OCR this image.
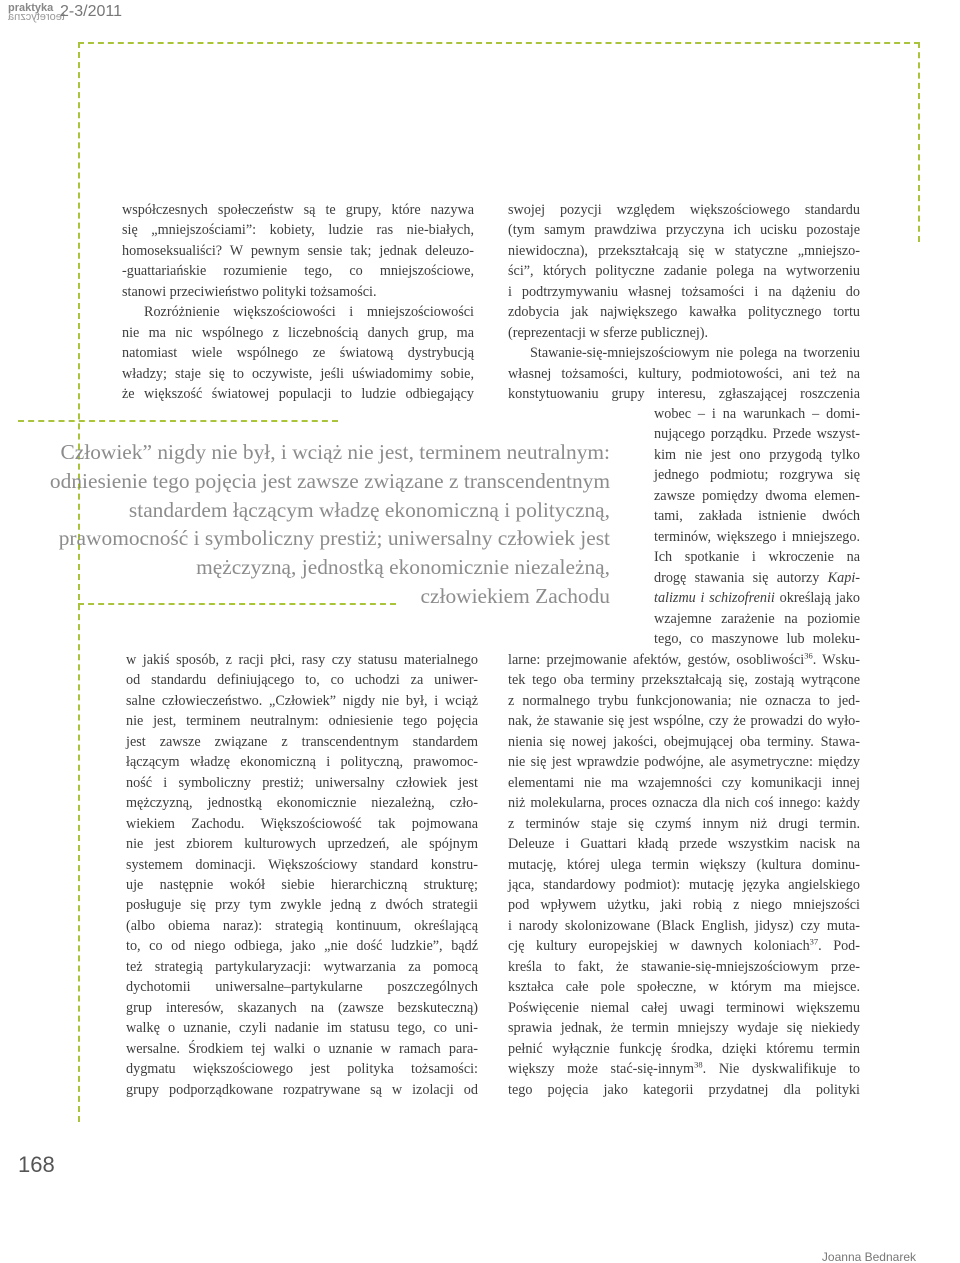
praktyka
teoretyczna
2-3/2011

współczesnych społeczeństw są te grupy, które nazywa

się „mniejszościami”: kobiety, ludzie ras nie-białych,

homoseksualiści? W pewnym sensie tak; jednak deleuzo-

-guattariańskie rozumienie tego, co mniejszościowe,

stanowi przeciwieństwo polityki tożsamości.

Rozróżnienie większościowości i mniejszościowości

nie ma nic wspólnego z liczebnością danych grup, ma

natomiast wiele wspólnego ze światową dystrybucją

władzy; staje się to oczywiste, jeśli uświadomimy sobie,

że większość światowej populacji to ludzie odbiegający

Człowiek” nigdy nie był, i wciąż nie jest, terminem neutralnym:
odniesienie tego pojęcia jest zawsze związane z transcendentnym
standardem łączącym władzę ekonomiczną i polityczną,
prawomocność i symboliczny prestiż; uniwersalny człowiek jest
mężczyzną, jednostką ekonomicznie niezależną,
człowiekiem Zachodu

w jakiś sposób, z racji płci, rasy czy statusu materialnego

od standardu definiującego to, co uchodzi za uniwer-

salne człowieczeństwo. „Człowiek” nigdy nie był, i wciąż

nie jest, terminem neutralnym: odniesienie tego pojęcia

jest zawsze związane z transcendentnym standardem

łączącym władzę ekonomiczną i polityczną, prawomoc-

ność i symboliczny prestiż; uniwersalny człowiek jest

mężczyzną, jednostką ekonomicznie niezależną, czło-

wiekiem Zachodu. Większościowość tak pojmowana

nie jest zbiorem kulturowych uprzedzeń, ale spójnym

systemem dominacji. Większościowy standard konstru-

uje następnie wokół siebie hierarchiczną strukturę;

posługuje się przy tym zwykle jedną z dwóch strategii

(albo obiema naraz): strategią kontinuum, określającą

to, co od niego odbiega, jako „nie dość ludzkie”, bądź

też strategią partykularyzacji: wytwarzania za pomocą

dychotomii uniwersalne–partykularne poszczególnych

grup interesów, skazanych na (zawsze bezskuteczną)

walkę o uznanie, czyli nadanie im statusu tego, co uni-

wersalne. Środkiem tej walki o uznanie w ramach para-

dygmatu większościowego jest polityka tożsamości:

grupy podporządkowane rozpatrywane są w izolacji od

swojej pozycji względem większościowego standardu

(tym samym prawdziwa przyczyna ich ucisku pozostaje

niewidoczna), przekształcają się w statyczne „mniejszo-

ści”, których polityczne zadanie polega na wytworzeniu

i podtrzymywaniu własnej tożsamości i na dążeniu do

zdobycia jak największego kawałka politycznego tortu

(reprezentacji w sferze publicznej).

Stawanie-się-mniejszościowym nie polega na tworzeniu

własnej tożsamości, kultury, podmiotowości, ani też na

konstytuowaniu grupy interesu, zgłaszającej roszczenia

wobec – i na warunkach – domi-

nującego porządku. Przede wszyst-

kim nie jest ono przygodą tylko

jednego podmiotu; rozgrywa się

zawsze pomiędzy dwoma elemen-

tami, zakłada istnienie dwóch

terminów, większego i mniejszego.

Ich spotkanie i wkroczenie na

drogę stawania się autorzy Kapi-

talizmu i schizofrenii określają jako

wzajemne zarażenie na poziomie

tego, co maszynowe lub moleku-

larne: przejmowanie afektów, gestów, osobliwości$^{36}$. Wsku-

tek tego oba terminy przekształcają się, zostają wytrącone

z normalnego trybu funkcjonowania; nie oznacza to jed-

nak, że stawanie się jest wspólne, czy że prowadzi do wyło-

nienia się nowej jakości, obejmującej oba terminy. Stawa-

nie się jest wprawdzie podwójne, ale asymetryczne: między

elementami nie ma wzajemności czy komunikacji innej

niż molekularna, proces oznacza dla nich coś innego: każdy

z terminów staje się czymś innym niż drugi termin.

Deleuze i Guattari kładą przede wszystkim nacisk na

mutację, której ulega termin większy (kultura dominu-

jąca, standardowy podmiot): mutację języka angielskiego

pod wpływem użytku, jaki robią z niego mniejszości

i narody skolonizowane (Black English, jidysz) czy muta-

cję kultury europejskiej w dawnych koloniach$^{37}$. Pod-

kreśla to fakt, że stawanie-się-mniejszościowym prze-

kształca całe pole społeczne, w którym ma miejsce.

Poświęcenie niemal całej uwagi terminowi większemu

sprawia jednak, że termin mniejszy wydaje się niekiedy

pełnić wyłącznie funkcję środka, dzięki któremu termin

większy może stać-się-innym$^{38}$. Nie dyskwalifikuje to

tego pojęcia jako kategorii przydatnej dla polityki

168
Joanna Bednarek
